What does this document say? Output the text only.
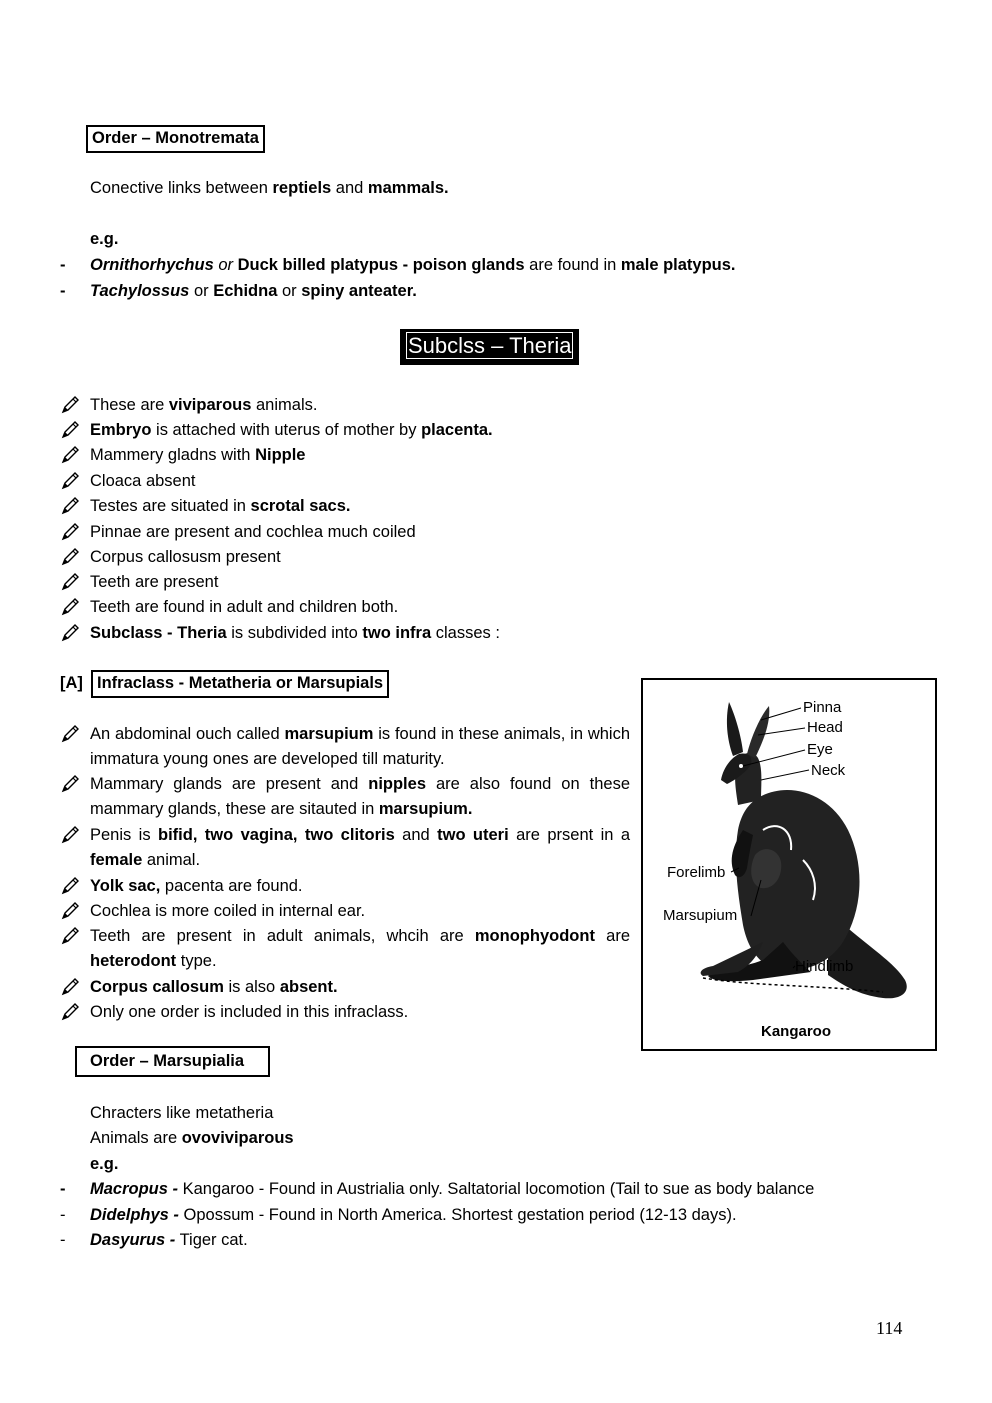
Order – Monotremata
Conective links between reptiels and mammals.
e.g.
- Ornithorhychus or Duck billed platypus - poison glands are found in male platypus.
- Tachylossus or Echidna or spiny anteater.
Subclss – Theria
These are viviparous animals.
Embryo is attached with uterus of mother by placenta.
Mammery gladns with Nipple
Cloaca absent
Testes are situated in scrotal sacs.
Pinnae are present and cochlea much coiled
Corpus callosusm present
Teeth are present
Teeth are found in adult and children both.
Subclass - Theria is subdivided into two infra classes :
[A] Infraclass - Metatheria or Marsupials
An abdominal ouch called marsupium is found in these animals, in which immatura young ones are developed till maturity.
Mammary glands are present and nipples are also found on these mammary glands, these are sitauted in marsupium.
Penis is bifid, two vagina, two clitoris and two uteri are prsent in a female animal.
Yolk sac, pacenta are found.
Cochlea is more coiled in internal ear.
Teeth are present in adult animals, whcih are monophyodont are heterodont type.
Corpus callosum is also absent.
Only one order is included in this infraclass.
Pinna
Head
Eye
Neck
Forelimb
Marsupium
Hindlimb
Kangaroo
Order – Marsupialia
Chracters like metatheria
Animals are ovoviviparous
e.g.
- Macropus - Kangaroo - Found in Austrialia only. Saltatorial locomotion (Tail to sue as body balance
- Didelphys - Opossum - Found in North America. Shortest gestation period (12-13 days).
- Dasyurus - Tiger cat.
114
